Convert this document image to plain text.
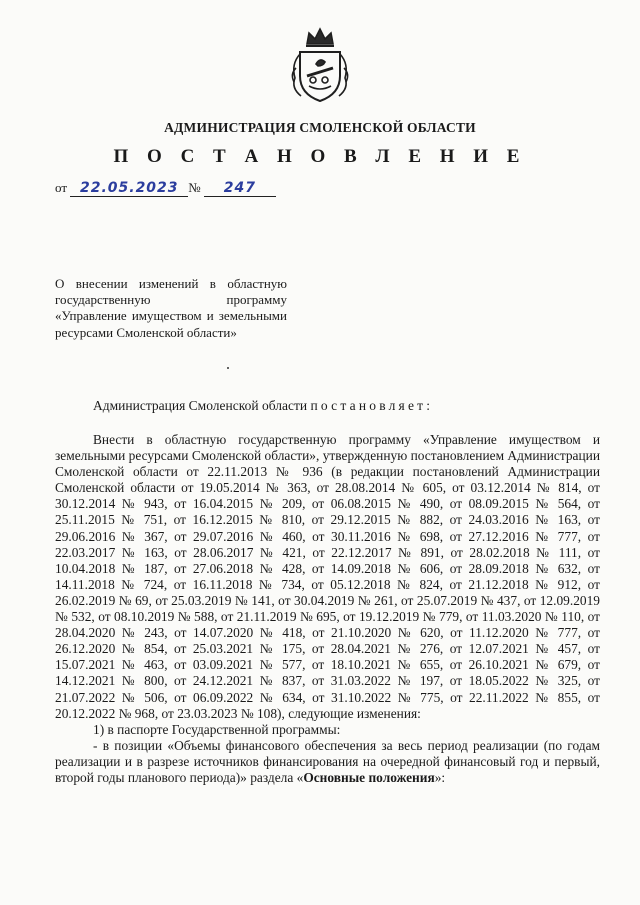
АДМИНИСТРАЦИЯ СМОЛЕНСКОЙ ОБЛАСТИ
П О С Т А Н О В Л Е Н И Е
от 22.05.2023 № 247
О внесении изменений в областную государственную программу «Управление имуществом и земельными ресурсами Смоленской области»
Администрация Смоленской области постановляет:

Внести в областную государственную программу «Управление имуществом и земельными ресурсами Смоленской области», утвержденную постановлением Администрации Смоленской области от 22.11.2013 № 936 (в редакции постановлений Администрации Смоленской области от 19.05.2014 № 363, от 28.08.2014 № 605, от 03.12.2014 № 814, от 30.12.2014 № 943, от 16.04.2015 № 209, от 06.08.2015 № 490, от 08.09.2015 № 564, от 25.11.2015 № 751, от 16.12.2015 № 810, от 29.12.2015 № 882, от 24.03.2016 № 163, от 29.06.2016 № 367, от 29.07.2016 № 460, от 30.11.2016 № 698, от 27.12.2016 № 777, от 22.03.2017 № 163, от 28.06.2017 № 421, от 22.12.2017 № 891, от 28.02.2018 № 111, от 10.04.2018 № 187, от 27.06.2018 № 428, от 14.09.2018 № 606, от 28.09.2018 № 632, от 14.11.2018 № 724, от 16.11.2018 № 734, от 05.12.2018 № 824, от 21.12.2018 № 912, от 26.02.2019 № 69, от 25.03.2019 № 141, от 30.04.2019 № 261, от 25.07.2019 № 437, от 12.09.2019 № 532, от 08.10.2019 № 588, от 21.11.2019 № 695, от 19.12.2019 № 779, от 11.03.2020 № 110, от 28.04.2020 № 243, от 14.07.2020 № 418, от 21.10.2020 № 620, от 11.12.2020 № 777, от 26.12.2020 № 854, от 25.03.2021 № 175, от 28.04.2021 № 276, от 12.07.2021 № 457, от 15.07.2021 № 463, от 03.09.2021 № 577, от 18.10.2021 № 655, от 26.10.2021 № 679, от 14.12.2021 № 800, от 24.12.2021 № 837, от 31.03.2022 № 197, от 18.05.2022 № 325, от 21.07.2022 № 506, от 06.09.2022 № 634, от 31.10.2022 № 775, от 22.11.2022 № 855, от 20.12.2022 № 968, от 23.03.2023 № 108), следующие изменения:

1) в паспорте Государственной программы:

- в позиции «Объемы финансового обеспечения за весь период реализации (по годам реализации и в разрезе источников финансирования на очередной финансовый год и первый, второй годы планового периода)» раздела «Основные положения»:
